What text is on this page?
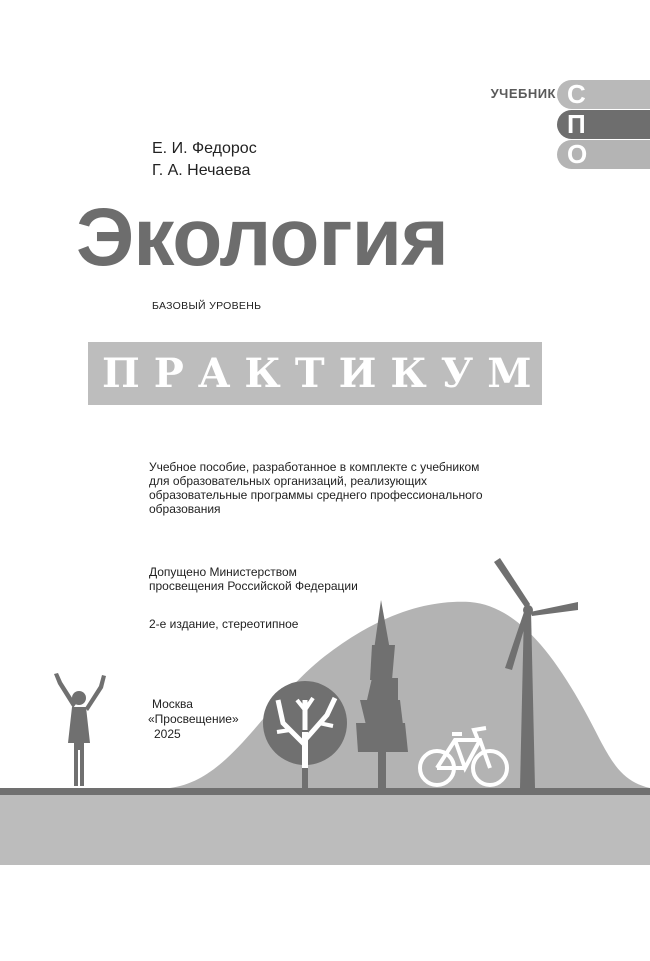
УЧЕБНИК С
П
О
Е. И. Федорос
Г. А. Нечаева
Экология
БАЗОВЫЙ УРОВЕНЬ
ПРАКТИКУМ
Учебное пособие, разработанное в комплекте с учебником
для образовательных организаций, реализующих
образовательные программы среднего профессионального
образования
Допущено Министерством
просвещения Российской Федерации
2-е издание, стереотипное
Москва
«Просвещение»
2025
